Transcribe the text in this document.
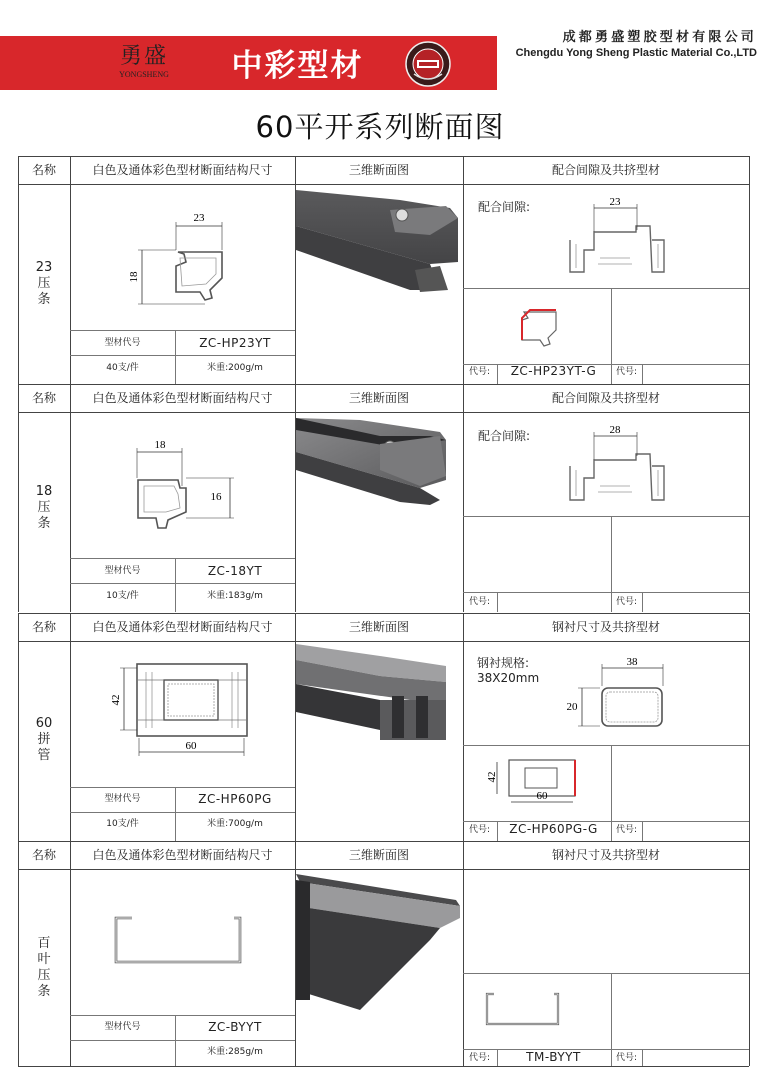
勇盛
YONGSHENG	中彩型材
成都勇盛塑胶型材有限公司
Chengdu Yong Sheng Plastic Material Co.,LTD
60平开系列断面图
名称	白色及通体彩色型材断面结构尺寸	三维断面图	配合间隙及共挤型材
23压条
型材代号	ZC-HP23YT
40支/件	米重:200g/m
配合间隙:
代号:	ZC-HP23YT-G	代号:
名称	白色及通体彩色型材断面结构尺寸	三维断面图	配合间隙及共挤型材
18压条
型材代号	ZC-18YT
10支/件	米重:183g/m
配合间隙:
代号:	代号:
名称	白色及通体彩色型材断面结构尺寸	三维断面图	钢衬尺寸及共挤型材
60拼管
型材代号	ZC-HP60PG
10支/件	米重:700g/m
钢衬规格:
38X20mm
代号:	ZC-HP60PG-G	代号:
名称	白色及通体彩色型材断面结构尺寸	三维断面图	钢衬尺寸及共挤型材
百叶压条
型材代号	ZC-BYYT
米重:285g/m
代号:	TM-BYYT	代号:
23
18
23
18
16
28
42
60
38
20
42
60
